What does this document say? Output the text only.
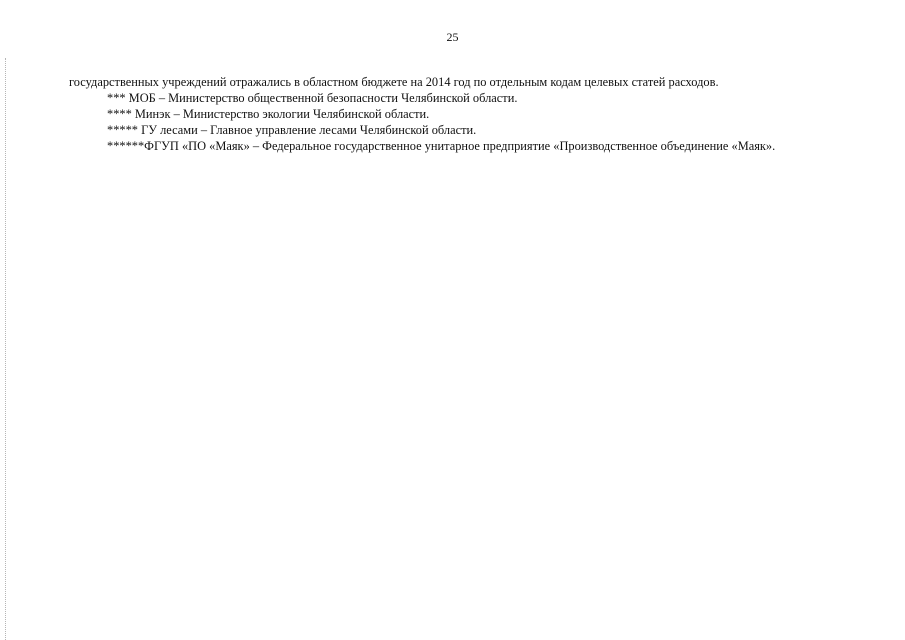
25

государственных учреждений отражались в областном бюджете на 2014 год по отдельным кодам целевых статей расходов.

*** МОБ – Министерство общественной безопасности Челябинской области.

**** Минэк – Министерство экологии Челябинской области.

***** ГУ лесами – Главное управление лесами Челябинской области.

******ФГУП «ПО «Маяк» – Федеральное государственное унитарное предприятие «Производственное объединение «Маяк».
